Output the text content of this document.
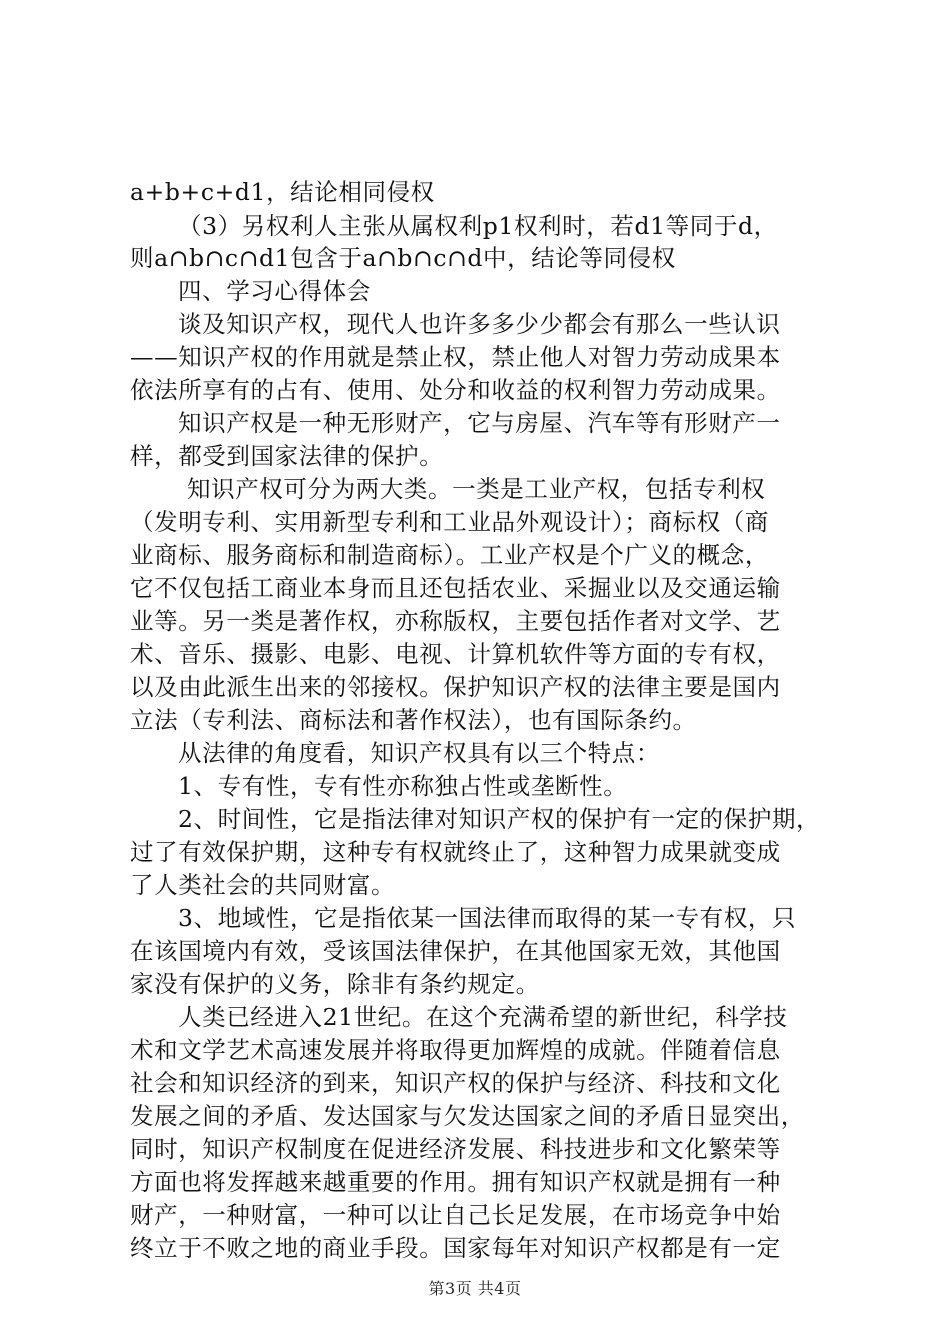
a+b+c+d1，结论相同侵权
（3）另权利人主张从属权利p1权利时，若d1等同于d，
则a∩b∩c∩d1包含于a∩b∩c∩d中，结论等同侵权
四、学习心得体会
谈及知识产权，现代人也许多多少少都会有那么一些认识
——知识产权的作用就是禁止权，禁止他人对智力劳动成果本
依法所享有的占有、使用、处分和收益的权利智力劳动成果。
知识产权是一种无形财产，它与房屋、汽车等有形财产一
样，都受到国家法律的保护。
知识产权可分为两大类。一类是工业产权，包括专利权
（发明专利、实用新型专利和工业品外观设计）；商标权（商
业商标、服务商标和制造商标）。工业产权是个广义的概念，
它不仅包括工商业本身而且还包括农业、采掘业以及交通运输
业等。另一类是著作权，亦称版权，主要包括作者对文学、艺
术、音乐、摄影、电影、电视、计算机软件等方面的专有权，
以及由此派生出来的邻接权。保护知识产权的法律主要是国内
立法（专利法、商标法和著作权法），也有国际条约。
从法律的角度看，知识产权具有以三个特点：
1、专有性，专有性亦称独占性或垄断性。
2、时间性，它是指法律对知识产权的保护有一定的保护期，
过了有效保护期，这种专有权就终止了，这种智力成果就变成
了人类社会的共同财富。
3、地域性，它是指依某一国法律而取得的某一专有权，只
在该国境内有效，受该国法律保护，在其他国家无效，其他国
家没有保护的义务，除非有条约规定。
人类已经进入21世纪。在这个充满希望的新世纪，科学技
术和文学艺术高速发展并将取得更加辉煌的成就。伴随着信息
社会和知识经济的到来，知识产权的保护与经济、科技和文化
发展之间的矛盾、发达国家与欠发达国家之间的矛盾日显突出，
同时，知识产权制度在促进经济发展、科技进步和文化繁荣等
方面也将发挥越来越重要的作用。拥有知识产权就是拥有一种
财产，一种财富，一种可以让自己长足发展，在市场竞争中始
终立于不败之地的商业手段。国家每年对知识产权都是有一定
第3页 共4页
